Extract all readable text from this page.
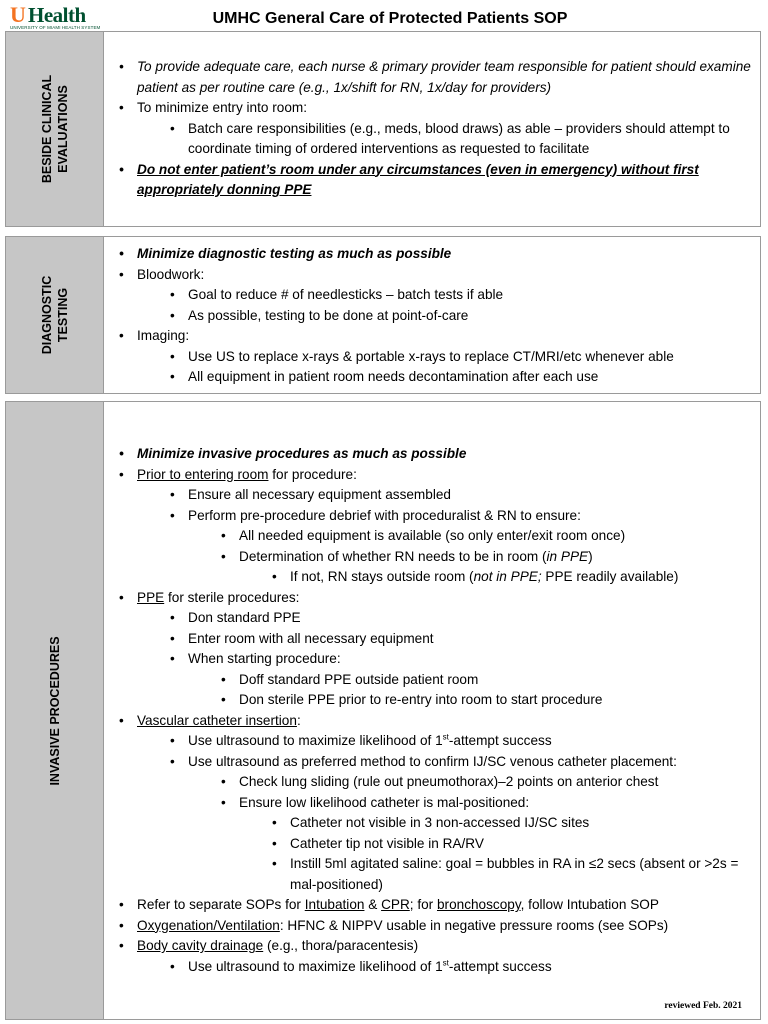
U Health
UNIVERSITY OF MIAMI HEALTH SYSTEM
UMHC General Care of Protected Patients SOP
BESIDE CLINICAL EVALUATIONS
• To provide adequate care, each nurse & primary provider team responsible for patient should examine patient as per routine care (e.g., 1x/shift for RN, 1x/day for providers)
• To minimize entry into room:
• Batch care responsibilities (e.g., meds, blood draws) as able – providers should attempt to coordinate timing of ordered interventions as requested to facilitate
• Do not enter patient’s room under any circumstances (even in emergency) without first appropriately donning PPE
DIAGNOSTIC TESTING
• Minimize diagnostic testing as much as possible
• Bloodwork:
• Goal to reduce # of needlesticks – batch tests if able
• As possible, testing to be done at point-of-care
• Imaging:
• Use US to replace x-rays & portable x-rays to replace CT/MRI/etc whenever able
• All equipment in patient room needs decontamination after each use
INVASIVE PROCEDURES
• Minimize invasive procedures as much as possible
• Prior to entering room for procedure:
• Ensure all necessary equipment assembled
• Perform pre-procedure debrief with proceduralist & RN to ensure:
• All needed equipment is available (so only enter/exit room once)
• Determination of whether RN needs to be in room (in PPE)
• If not, RN stays outside room (not in PPE; PPE readily available)
• PPE for sterile procedures:
• Don standard PPE
• Enter room with all necessary equipment
• When starting procedure:
• Doff standard PPE outside patient room
• Don sterile PPE prior to re-entry into room to start procedure
• Vascular catheter insertion:
• Use ultrasound to maximize likelihood of 1st-attempt success
• Use ultrasound as preferred method to confirm IJ/SC venous catheter placement:
• Check lung sliding (rule out pneumothorax)–2 points on anterior chest
• Ensure low likelihood catheter is mal-positioned:
• Catheter not visible in 3 non-accessed IJ/SC sites
• Catheter tip not visible in RA/RV
• Instill 5ml agitated saline: goal = bubbles in RA in ≤2 secs (absent or >2s = mal-positioned)
• Refer to separate SOPs for Intubation & CPR; for bronchoscopy, follow Intubation SOP
• Oxygenation/Ventilation: HFNC & NIPPV usable in negative pressure rooms (see SOPs)
• Body cavity drainage (e.g., thora/paracentesis)
• Use ultrasound to maximize likelihood of 1st-attempt success
reviewed Feb. 2021
